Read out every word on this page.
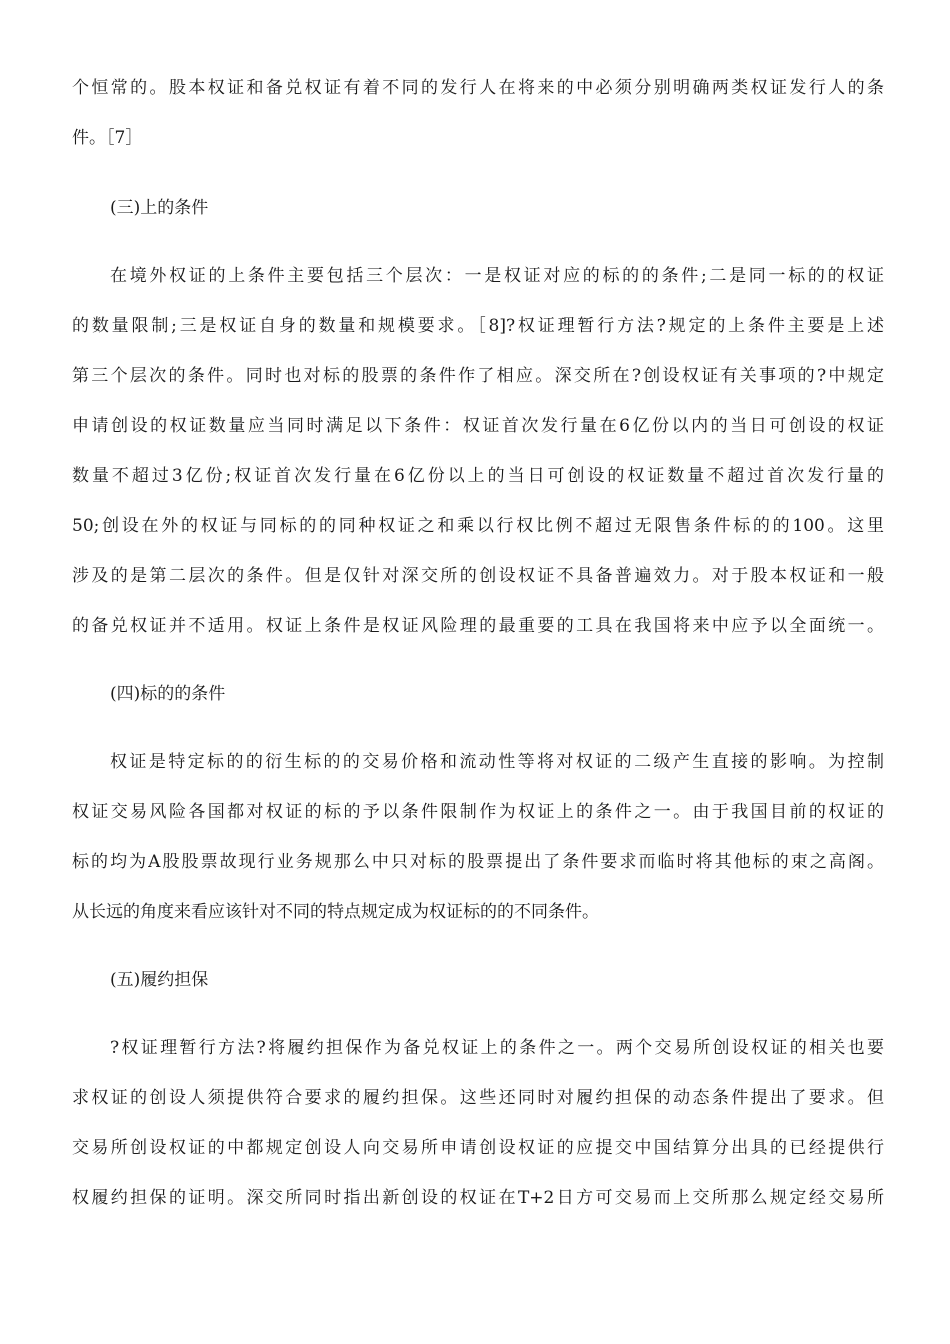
个恒常的。股本权证和备兑权证有着不同的发行人在将来的中必须分别明确两类权证发行人的条

件。［7］

(三)上的条件

在境外权证的上条件主要包括三个层次：一是权证对应的标的的条件;二是同一标的的权证

的数量限制;三是权证自身的数量和规模要求。［8]?权证理暂行方法?规定的上条件主要是上述

第三个层次的条件。同时也对标的股票的条件作了相应。深交所在?创设权证有关事项的?中规定

申请创设的权证数量应当同时满足以下条件：权证首次发行量在6亿份以内的当日可创设的权证

数量不超过3亿份;权证首次发行量在6亿份以上的当日可创设的权证数量不超过首次发行量的

50;创设在外的权证与同标的的同种权证之和乘以行权比例不超过无限售条件标的的100。这里

涉及的是第二层次的条件。但是仅针对深交所的创设权证不具备普遍效力。对于股本权证和一般

的备兑权证并不适用。权证上条件是权证风险理的最重要的工具在我国将来中应予以全面统一。

(四)标的的条件

权证是特定标的的衍生标的的交易价格和流动性等将对权证的二级产生直接的影响。为控制

权证交易风险各国都对权证的标的予以条件限制作为权证上的条件之一。由于我国目前的权证的

标的均为A股股票故现行业务规那么中只对标的股票提出了条件要求而临时将其他标的束之高阁。

从长远的角度来看应该针对不同的特点规定成为权证标的的不同条件。

(五)履约担保

?权证理暂行方法?将履约担保作为备兑权证上的条件之一。两个交易所创设权证的相关也要

求权证的创设人须提供符合要求的履约担保。这些还同时对履约担保的动态条件提出了要求。但

交易所创设权证的中都规定创设人向交易所申请创设权证的应提交中国结算分出具的已经提供行

权履约担保的证明。深交所同时指出新创设的权证在T+2日方可交易而上交所那么规定经交易所
